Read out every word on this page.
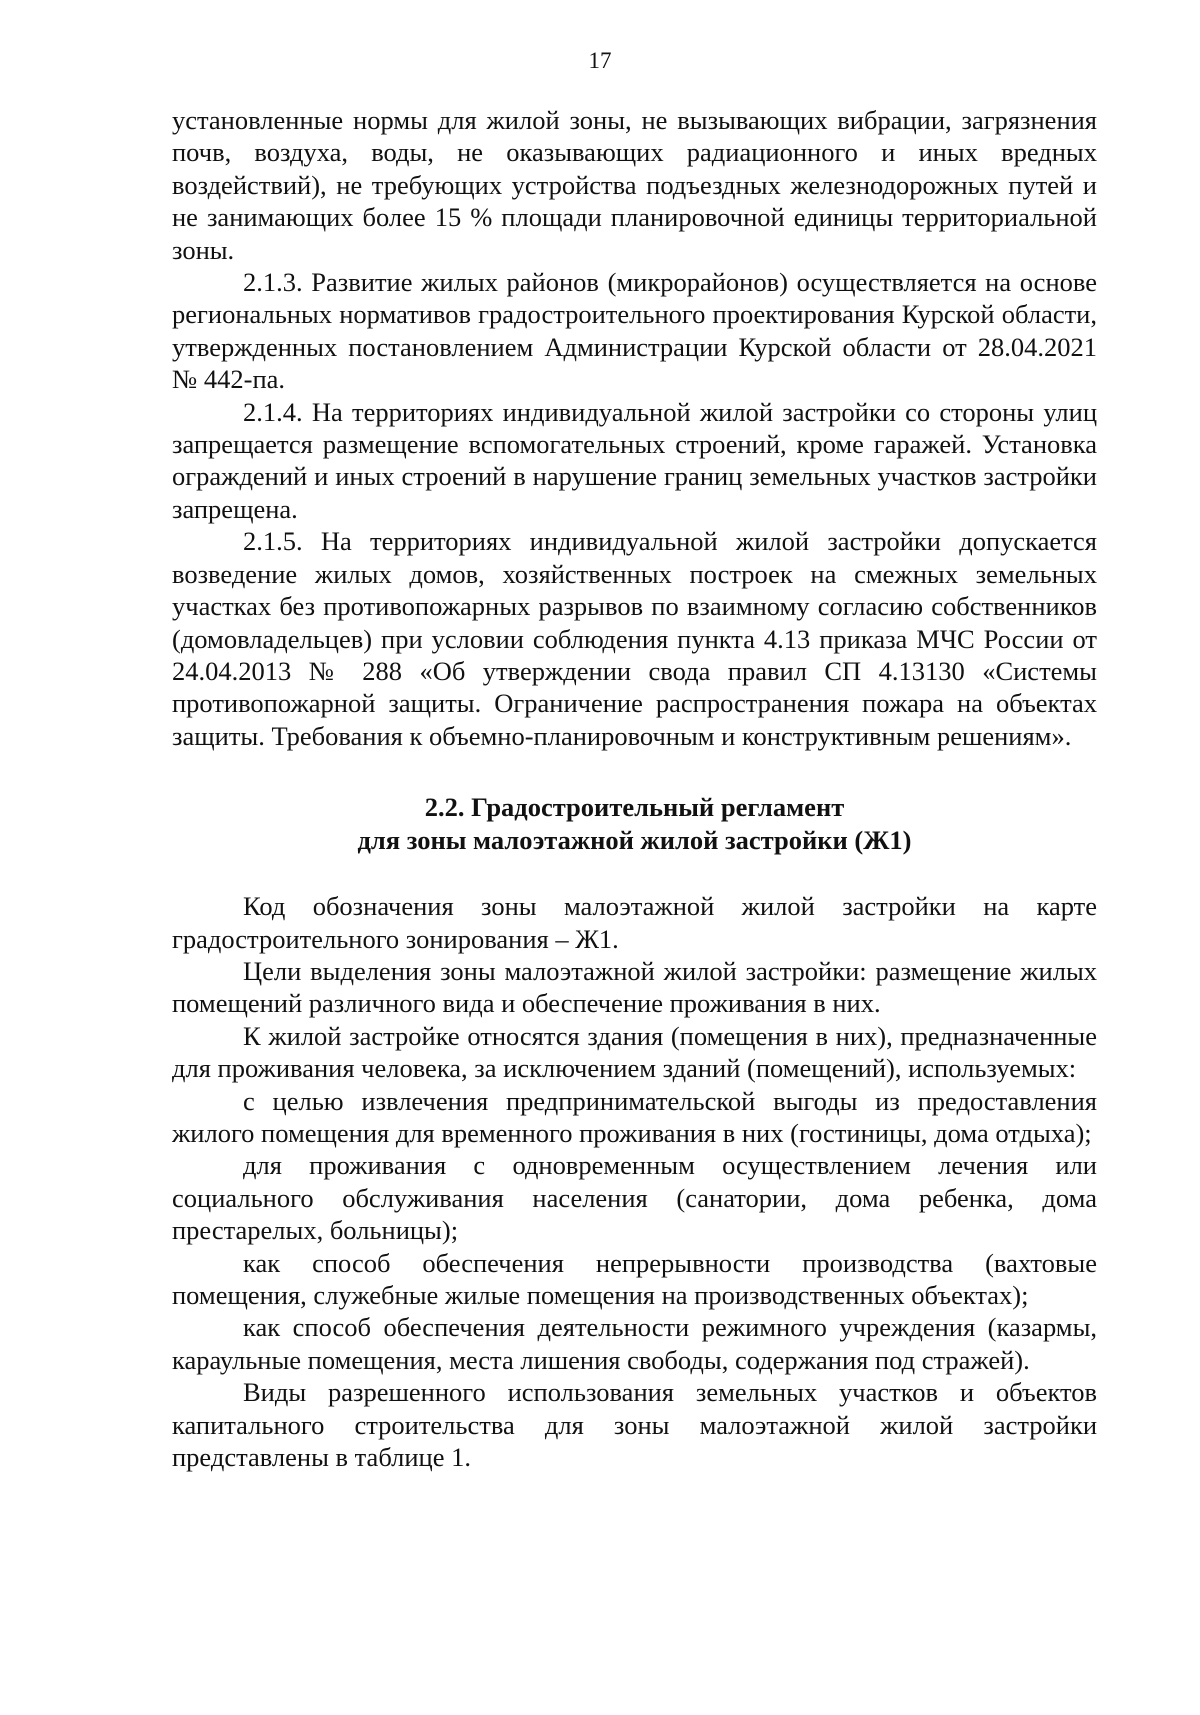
17

установленные нормы для жилой зоны, не вызывающих вибрации, загрязнения почв, воздуха, воды, не оказывающих радиационного и иных вредных воздействий), не требующих устройства подъездных железнодорожных путей и не занимающих более 15 % площади планировочной единицы территориальной зоны.

2.1.3. Развитие жилых районов (микрорайонов) осуществляется на основе региональных нормативов градостроительного проектирования Курской области, утвержденных постановлением Администрации Курской области от 28.04.2021 № 442-па.

2.1.4. На территориях индивидуальной жилой застройки со стороны улиц запрещается размещение вспомогательных строений, кроме гаражей. Установка ограждений и иных строений в нарушение границ земельных участков застройки запрещена.

2.1.5. На территориях индивидуальной жилой застройки допускается возведение жилых домов, хозяйственных построек на смежных земельных участках без противопожарных разрывов по взаимному согласию собственников (домовладельцев) при условии соблюдения пункта 4.13 приказа МЧС России от 24.04.2013 № 288 «Об утверждении свода правил СП 4.13130 «Системы противопожарной защиты. Ограничение распространения пожара на объектах защиты. Требования к объемно-планировочным и конструктивным решениям».

2.2. Градостроительный регламент
для зоны малоэтажной жилой застройки (Ж1)

Код обозначения зоны малоэтажной жилой застройки на карте градостроительного зонирования – Ж1.

Цели выделения зоны малоэтажной жилой застройки: размещение жилых помещений различного вида и обеспечение проживания в них.

К жилой застройке относятся здания (помещения в них), предназначенные для проживания человека, за исключением зданий (помещений), используемых:

с целью извлечения предпринимательской выгоды из предоставления жилого помещения для временного проживания в них (гостиницы, дома отдыха);

для проживания с одновременным осуществлением лечения или социального обслуживания населения (санатории, дома ребенка, дома престарелых, больницы);

как способ обеспечения непрерывности производства (вахтовые помещения, служебные жилые помещения на производственных объектах);

как способ обеспечения деятельности режимного учреждения (казармы, караульные помещения, места лишения свободы, содержания под стражей).

Виды разрешенного использования земельных участков и объектов капитального строительства для зоны малоэтажной жилой застройки представлены в таблице 1.
